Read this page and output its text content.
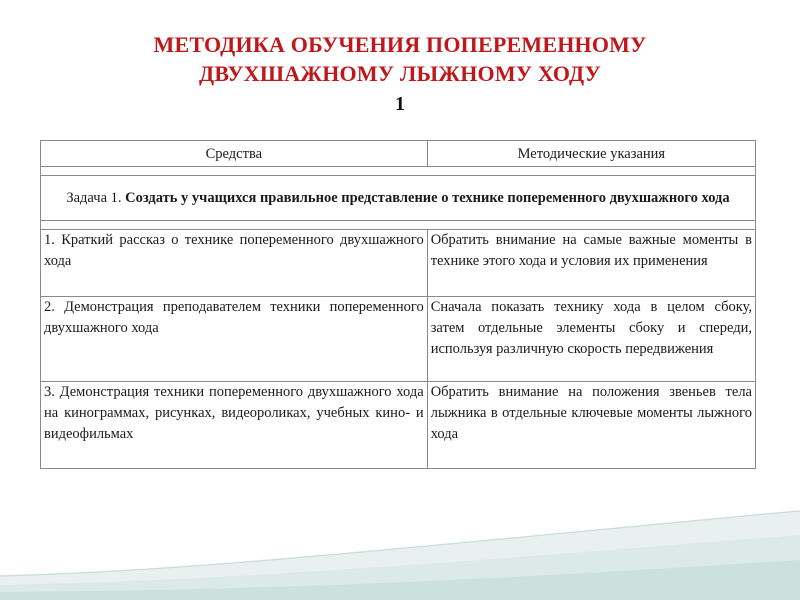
МЕТОДИКА ОБУЧЕНИЯ ПОПЕРЕМЕННОМУ
ДВУХШАЖНОМУ ЛЫЖНОМУ ХОДУ
1
Средства	Методические указания

Задача 1. Создать у учащихся правильное представление о технике попеременного двухшажного хода	

1. Краткий рассказ о технике попеременного двухшажного хода	Обратить внимание на самые важные моменты в технике этого хода и условия их применения
2. Демонстрация преподавателем техники попеременного двухшажного хода	Сначала показать технику хода в целом сбоку, затем отдельные элементы сбоку и спереди, используя различную скорость передвижения
3. Демонстрация техники попеременного двухшажного хода на кинограммах, рисунках, видеороликах, учебных кино- и видеофильмах	Обратить внимание на положения звеньев тела лыжника в отдельные ключевые моменты лыжного хода
